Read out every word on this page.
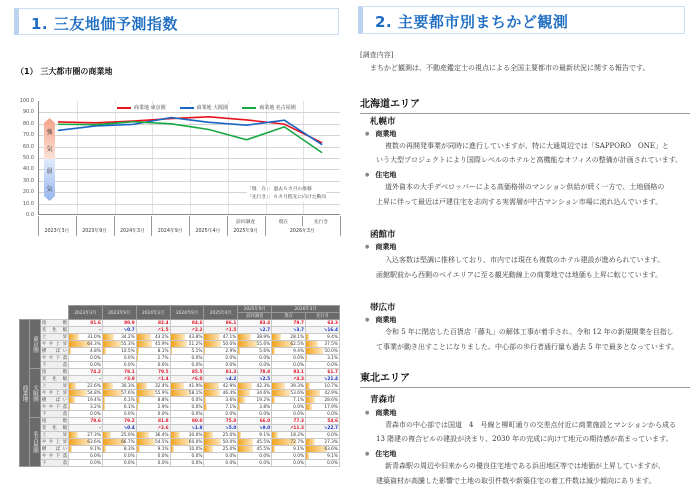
1. 三友地価予測指数
（1） 三大都市圏の商業地
100.0
90.0
80.0
70.0
60.0
50.0
40.0
30.0
20.0
10.0
0.0
強
気
弱
気
商業地 東京圏	商業地 大阪圏	商業地 名古屋圏
「現　在」：過去６カ月の推移
「先行き」：６カ月程先に向けた動向
2023年3月	2023年9月	2024年3月	2024年9月	2025年4月	2025年9月	2026年3月
前回調査	現在	先行き
			2023年3月	2023年9月	2024年3月	2024年9月	2025年4月	2025年9月	2026年3月	
								前回調査	現在	先行き
商業地	東京圏	指　　数	81.6	80.9	82.4	84.6	86.1	83.4	79.7	63.3
		変　化　幅	-	↘0.7	↗1.5	↗2.2	↗1.5	↘2.7	↘3.7	↘16.4
		上　　昇	31.0%	34.2%	43.2%	43.8%	47.1%	38.9%	28.1%	9.4%
		やや上昇	64.3%	55.3%	45.9%	51.2%	50.0%	55.6%	62.5%	37.5%
		横　ばい	4.8%	10.5%	8.1%	5.1%	2.9%	5.6%	9.4%	50.0%
		やや下落	0.0%	0.0%	2.7%	0.0%	0.0%	0.0%	0.0%	3.1%
		下　　落	0.0%	0.0%	0.0%	0.0%	0.0%	0.0%	0.0%	0.0%
	大阪圏	指　　数	74.2	78.1	79.5	85.5	81.3	78.8	83.1	61.7
		変　化　幅	-	↗3.9	↗1.4	↗6.0	↘4.2	↘2.5	↗4.3	↘21.4
		上　　昇	22.6%	30.3%	32.4%	41.9%	42.9%	42.3%	39.3%	10.7%
		やや上昇	54.8%	57.6%	55.9%	58.1%	46.4%	34.6%	53.6%	42.9%
		横　ばい	19.4%	6.1%	8.8%	0.0%	3.6%	19.2%	7.1%	28.6%
		やや下落	3.2%	6.1%	2.9%	0.0%	7.1%	3.8%	0.0%	17.9%
		下　　落	0.0%	0.0%	0.0%	0.0%	0.0%	0.0%	0.0%	0.0%
	名古屋圏	指　　数	79.6	79.2	81.8	80.0	75.0	66.0	77.3	54.6
		変　化　幅	-	↘0.4	↗2.6	↘1.8	↘5.0	↘9.0	↗11.3	↘22.7
		上　　昇	27.3%	25.0%	36.4%	30.0%	25.0%	9.1%	18.2%	0.0%
		やや上昇	63.6%	66.7%	54.5%	60.0%	50.0%	45.5%	72.7%	27.3%
		横　ばい	9.1%	8.3%	9.1%	10.0%	25.0%	45.5%	9.1%	63.6%
		やや下落	0.0%	0.0%	0.0%	0.0%	0.0%	0.0%	0.0%	9.1%
		下　　落	0.0%	0.0%	0.0%	0.0%	0.0%	0.0%	0.0%	0.0%
2. 主要都市別まちかど観測
[調査内容]
まちかど観測は、不動産鑑定士の視点による全国主要都市の最新状況に関する報告です。
北海道エリア
札幌市
● 商業地
複数の再開発事業が同時に進行していますが、特に大通周辺では「SAPPORO　ONE」と
いう大型プロジェクトにより国際レベルのホテルと高機能なオフィスの整備が計画されています。
● 住宅地
道外資本の大手デベロッパーによる高価格帯のマンション供給が続く一方で、土地価格の
上昇に伴って最近は戸建住宅を志向する実需層が中古マンション市場に流れ込んでいます。
函館市
● 商業地
入込客数は堅調に推移しており、市内では現在も複数のホテル建設が進められています。
函館駅前から西側のベイエリアに至る観光動線上の商業地では地価も上昇に転じています。
帯広市
● 商業地
令和 5 年に閉店した百貨店「藤丸」の解体工事が着手され、令和 12 年の新規開業を目指し
て事業が動き出すことになりました。中心部の歩行者通行量も過去 5 年で最多となっています。
東北エリア
青森市
● 商業地
青森市の中心部では国道　4　号線と柳町通りの交差点付近に商業施設とマンションから成る
13 階建の複合ビルの建設が決まり、2030 年の完成に向けて地元の期待感が高まっています。
● 住宅地
新青森駅の周辺や旧来からの優良住宅地である浜田地区等では地価が上昇していますが、
建築資材が高騰した影響で土地の取引件数や新築住宅の着工件数は減少傾向にあります。
